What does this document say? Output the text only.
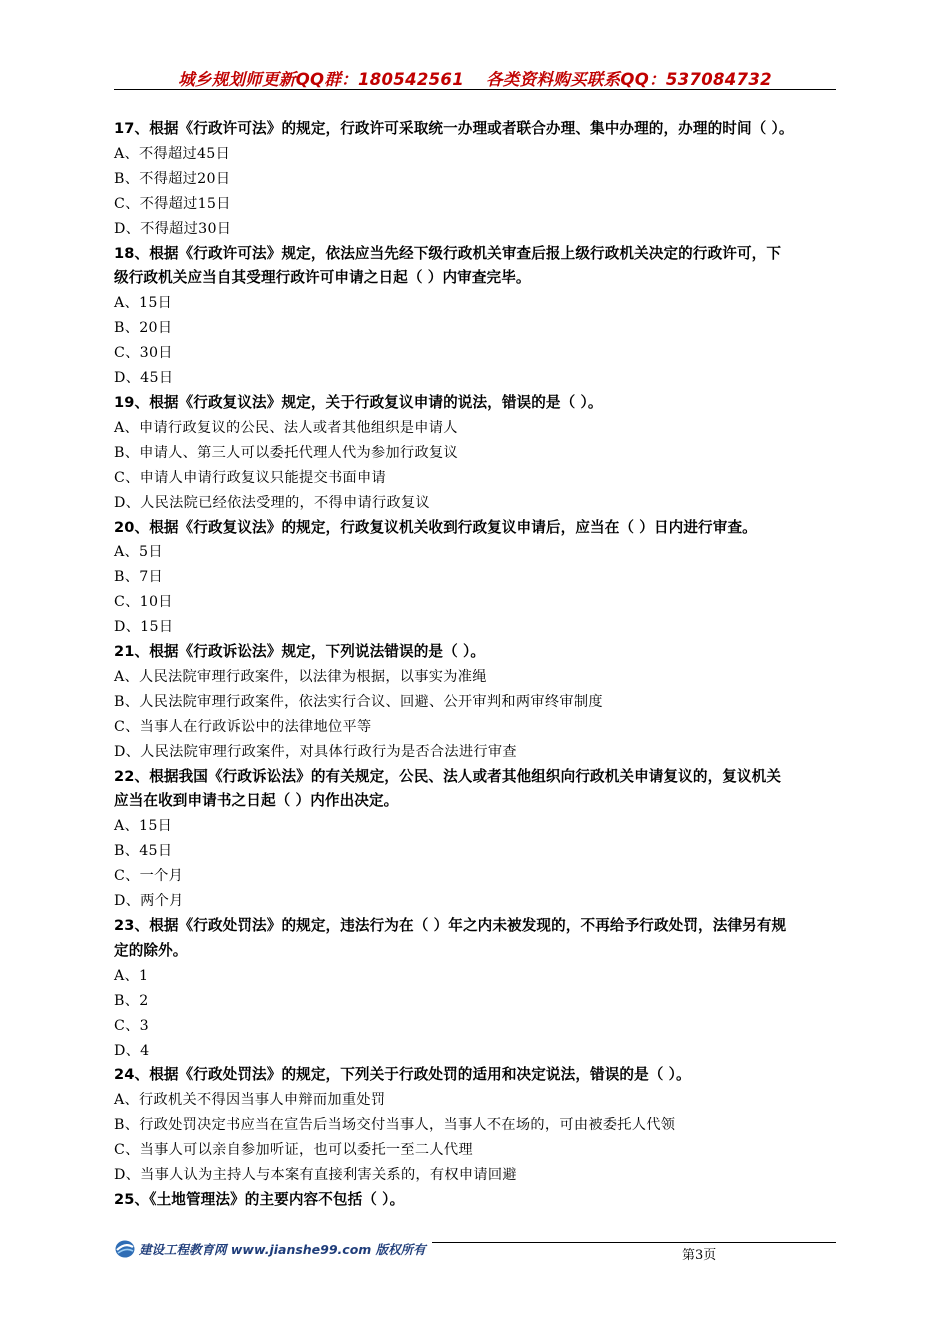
城乡规划师更新QQ群：180542561 各类资料购买联系QQ：537084732
17、根据《行政许可法》的规定，行政许可采取统一办理或者联合办理、集中办理的，办理的时间（ ）。
A、不得超过45日
B、不得超过20日
C、不得超过15日
D、不得超过30日
18、根据《行政许可法》规定，依法应当先经下级行政机关审查后报上级行政机关决定的行政许可，下
级行政机关应当自其受理行政许可申请之日起（ ）内审查完毕。
A、15日
B、20日
C、30日
D、45日
19、根据《行政复议法》规定，关于行政复议申请的说法，错误的是（ ）。
A、申请行政复议的公民、法人或者其他组织是申请人
B、申请人、第三人可以委托代理人代为参加行政复议
C、申请人申请行政复议只能提交书面申请
D、人民法院已经依法受理的，不得申请行政复议
20、根据《行政复议法》的规定，行政复议机关收到行政复议申请后，应当在（ ）日内进行审查。
A、5日
B、7日
C、10日
D、15日
21、根据《行政诉讼法》规定，下列说法错误的是（ ）。
A、人民法院审理行政案件，以法律为根据，以事实为准绳
B、人民法院审理行政案件，依法实行合议、回避、公开审判和两审终审制度
C、当事人在行政诉讼中的法律地位平等
D、人民法院审理行政案件，对具体行政行为是否合法进行审查
22、根据我国《行政诉讼法》的有关规定，公民、法人或者其他组织向行政机关申请复议的，复议机关
应当在收到申请书之日起（ ）内作出决定。
A、15日
B、45日
C、一个月
D、两个月
23、根据《行政处罚法》的规定，违法行为在（ ）年之内未被发现的，不再给予行政处罚，法律另有规
定的除外。
A、1
B、2
C、3
D、4
24、根据《行政处罚法》的规定，下列关于行政处罚的适用和决定说法，错误的是（ ）。
A、行政机关不得因当事人申辩而加重处罚
B、行政处罚决定书应当在宣告后当场交付当事人，当事人不在场的，可由被委托人代领
C、当事人可以亲自参加听证，也可以委托一至二人代理
D、当事人认为主持人与本案有直接利害关系的，有权申请回避
25、《土地管理法》的主要内容不包括（ ）。
建设工程教育网 www.jianshe99.com 版权所有	第3页
